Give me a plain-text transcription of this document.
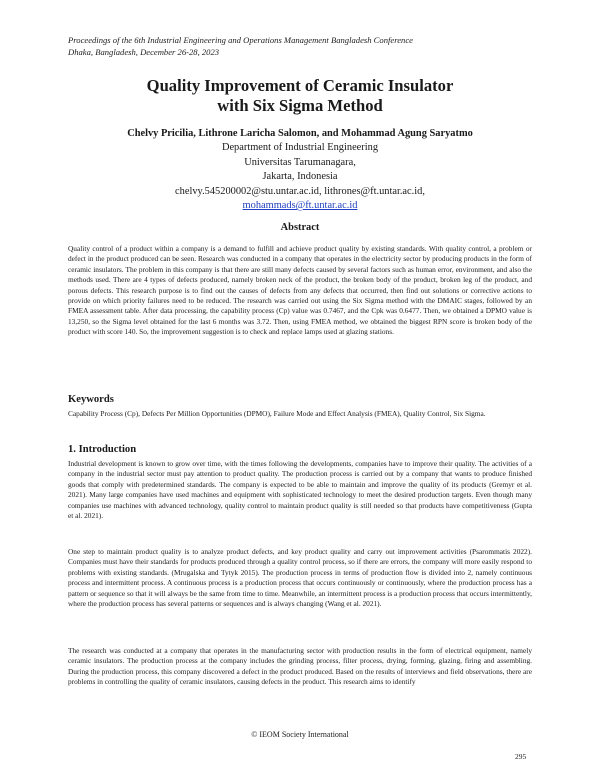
Proceedings of the 6th Industrial Engineering and Operations Management Bangladesh Conference
Dhaka, Bangladesh, December 26-28, 2023
Quality Improvement of Ceramic Insulator
with Six Sigma Method
Chelvy Pricilia, Lithrone Laricha Salomon, and Mohammad Agung Saryatmo
Department of Industrial Engineering
Universitas Tarumanagara,
Jakarta, Indonesia
chelvy.545200002@stu.untar.ac.id, lithrones@ft.untar.ac.id,
mohammads@ft.untar.ac.id
Abstract
Quality control of a product within a company is a demand to fulfill and achieve product quality by existing standards. With quality control, a problem or defect in the product produced can be seen. Research was conducted in a company that operates in the electricity sector by producing products in the form of ceramic insulators. The problem in this company is that there are still many defects caused by several factors such as human error, environment, and also the methods used. There are 4 types of defects produced, namely broken neck of the product, the broken body of the product, broken leg of the product, and porous defects. This research purpose is to find out the causes of defects from any defects that occurred, then find out solutions or corrective actions to provide on which priority failures need to be reduced. The research was carried out using the Six Sigma method with the DMAIC stages, followed by an FMEA assessment table. After data processing, the capability process (Cp) value was 0.7467, and the Cpk was 0.6477. Then, we obtained a DPMO value is 13,250, so the Sigma level obtained for the last 6 months was 3.72. Then, using FMEA method, we obtained the biggest RPN score is broken body of the product with score 140. So, the improvement suggestion is to check and replace lamps used at glazing stations.
Keywords
Capability Process (Cp), Defects Per Million Opportunities (DPMO), Failure Mode and Effect Analysis (FMEA), Quality Control, Six Sigma.
1. Introduction
Industrial development is known to grow over time, with the times following the developments, companies have to improve their quality. The activities of a company in the industrial sector must pay attention to product quality. The production process is carried out by a company that wants to produce finished goods that comply with predetermined standards. The company is expected to be able to maintain and improve the quality of its products (Gremyr et al. 2021). Many large companies have used machines and equipment with sophisticated technology to meet the desired production targets. Even though many companies use machines with advanced technology, quality control to maintain product quality is still needed so that products have competitiveness (Gupta et al. 2021).
One step to maintain product quality is to analyze product defects, and key product quality and carry out improvement activities (Psarommatis 2022). Companies must have their standards for products produced through a quality control process, so if there are errors, the company will more easily respond to problems with existing standards. (Mrugalska and Tytyk 2015). The production process in terms of production flow is divided into 2, namely continuous process and intermittent process. A continuous process is a production process that occurs continuously or continuously, where the production process has a pattern or sequence so that it will always be the same from time to time. Meanwhile, an intermittent process is a production process that occurs intermittently, where the production process has several patterns or sequences and is always changing (Wang et al. 2021).
The research was conducted at a company that operates in the manufacturing sector with production results in the form of electrical equipment, namely ceramic insulators. The production process at the company includes the grinding process, filter process, drying, forming, glazing, firing and assembling. During the production process, this company discovered a defect in the product produced. Based on the results of interviews and field observations, there are problems in controlling the quality of ceramic insulators, causing defects in the product. This research aims to identify
© IEOM Society International
295
